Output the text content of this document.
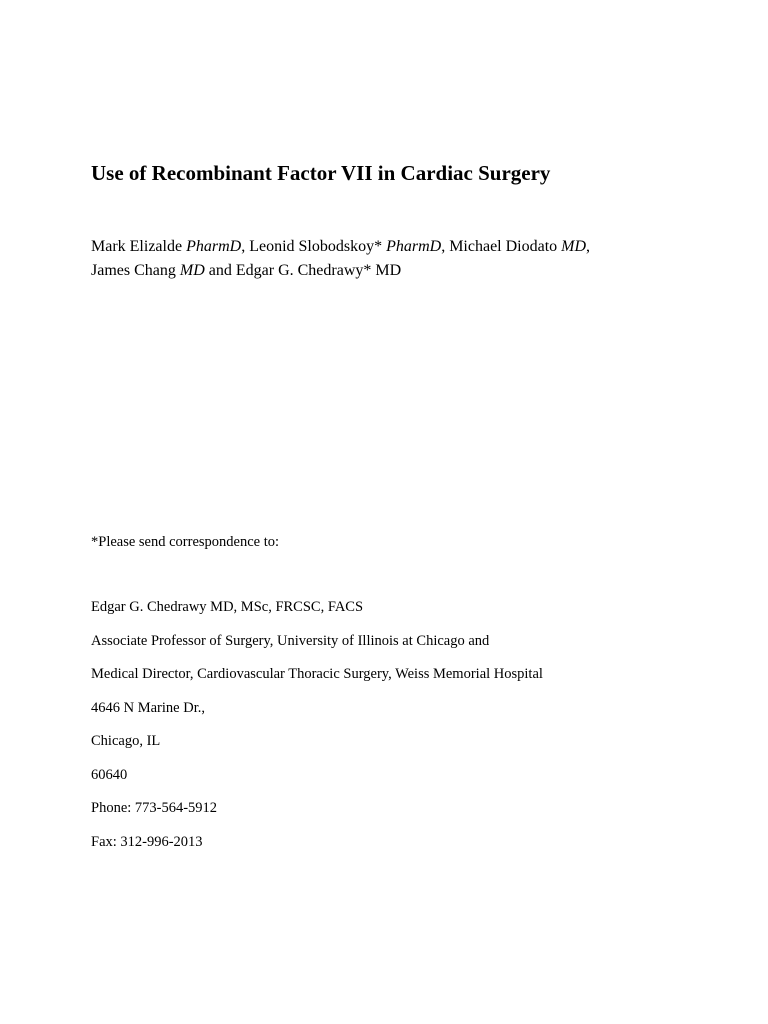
Use of Recombinant Factor VII in Cardiac Surgery

Mark Elizalde PharmD, Leonid Slobodskoy* PharmD, Michael Diodato MD,
James Chang MD and Edgar G. Chedrawy* MD

*Please send correspondence to:

Edgar G. Chedrawy MD, MSc, FRCSC, FACS
Associate Professor of Surgery, University of Illinois at Chicago and
Medical Director, Cardiovascular Thoracic Surgery, Weiss Memorial Hospital
4646 N Marine Dr.,
Chicago, IL
60640
Phone: 773-564-5912
Fax: 312-996-2013
